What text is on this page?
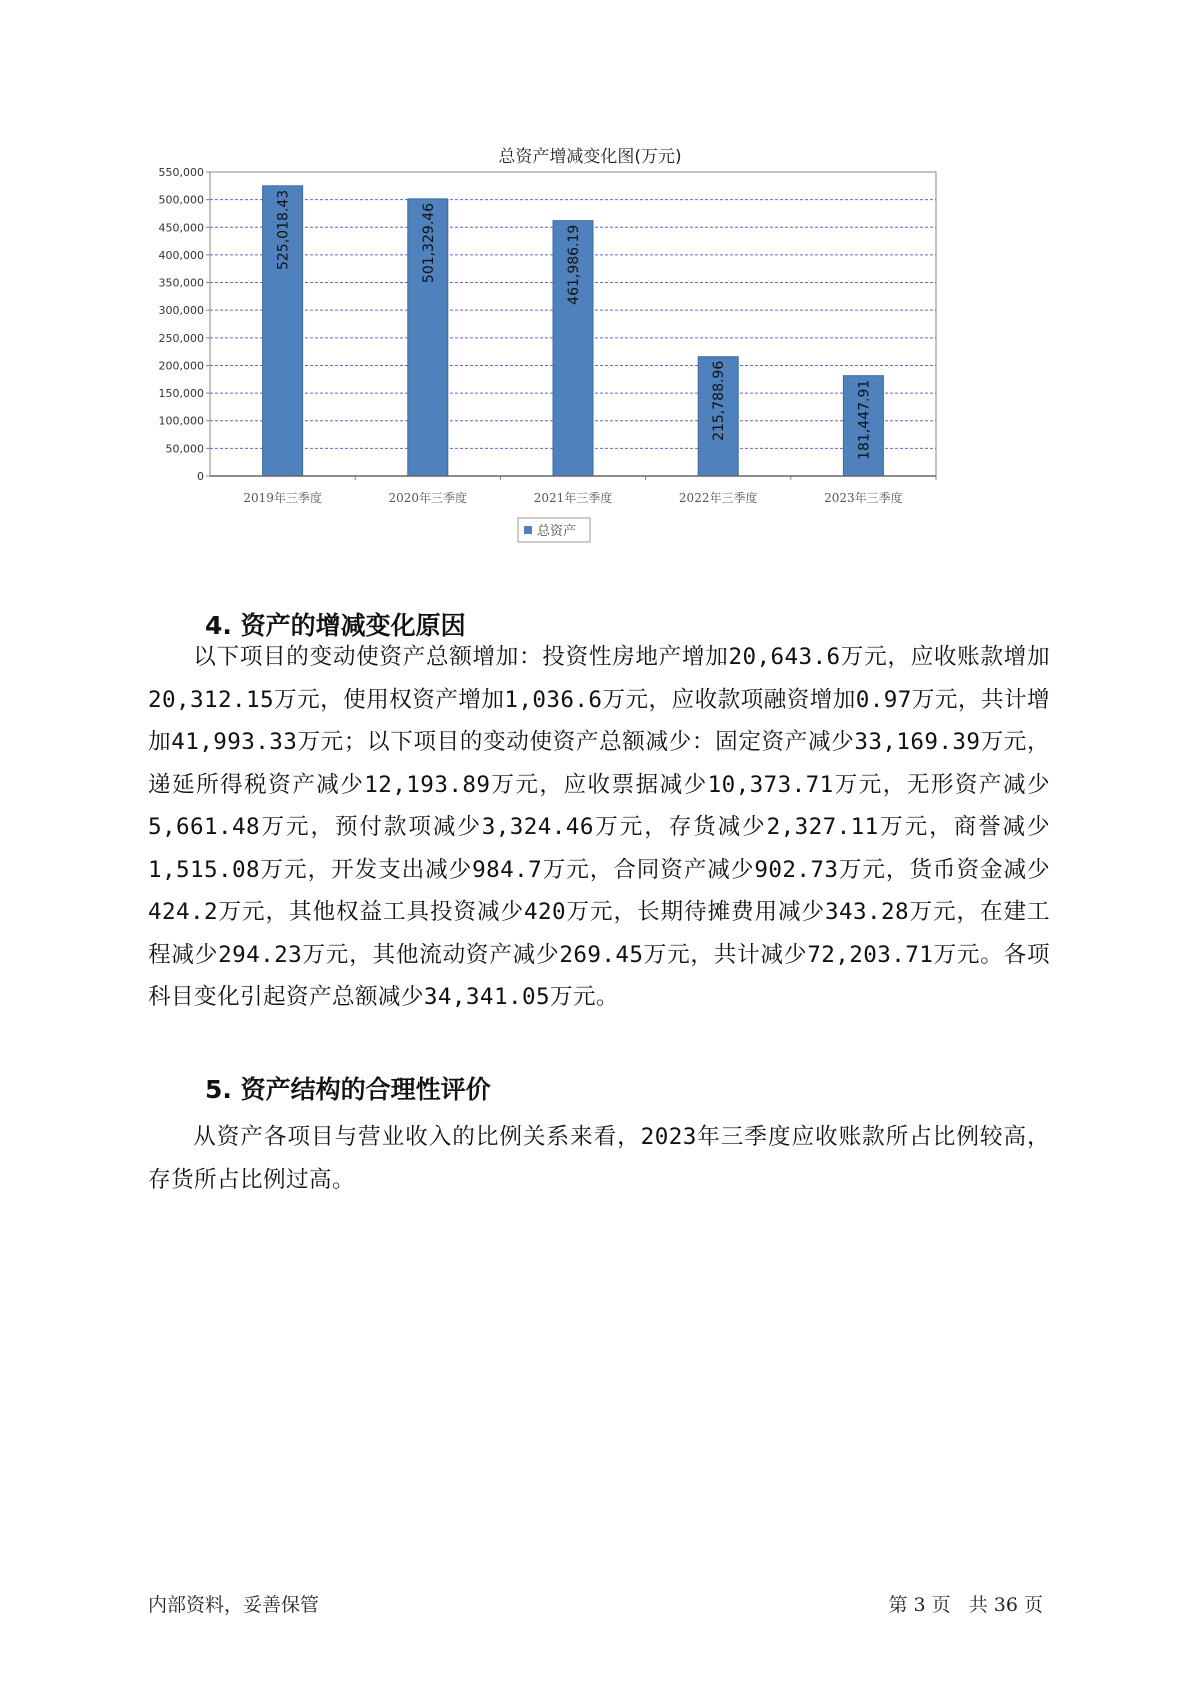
总资产增减变化图(万元)
0
50,000
100,000
150,000
200,000
250,000
300,000
350,000
400,000
450,000
500,000
550,000
525,018.43
2019年三季度
501,329.46
2020年三季度
461,986.19
2021年三季度
215,788.96
2022年三季度
181,447.91
2023年三季度
总资产
4. 资产的增减变化原因
以下项目的变动使资产总额增加：投资性房地产增加20,643.6万元，应收账款增加20,312.15万元，使用权资产增加1,036.6万元，应收款项融资增加0.97万元，共计增加41,993.33万元；以下项目的变动使资产总额减少：固定资产减少33,169.39万元，递延所得税资产减少12,193.89万元，应收票据减少10,373.71万元，无形资产减少5,661.48万元，预付款项减少3,324.46万元，存货减少2,327.11万元，商誉减少1,515.08万元，开发支出减少984.7万元，合同资产减少902.73万元，货币资金减少424.2万元，其他权益工具投资减少420万元，长期待摊费用减少343.28万元，在建工程减少294.23万元，其他流动资产减少269.45万元，共计减少72,203.71万元。各项科目变化引起资产总额减少34,341.05万元。
5. 资产结构的合理性评价
从资产各项目与营业收入的比例关系来看，2023年三季度应收账款所占比例较高，存货所占比例过高。
内部资料，妥善保管	第 3 页   共 36 页
